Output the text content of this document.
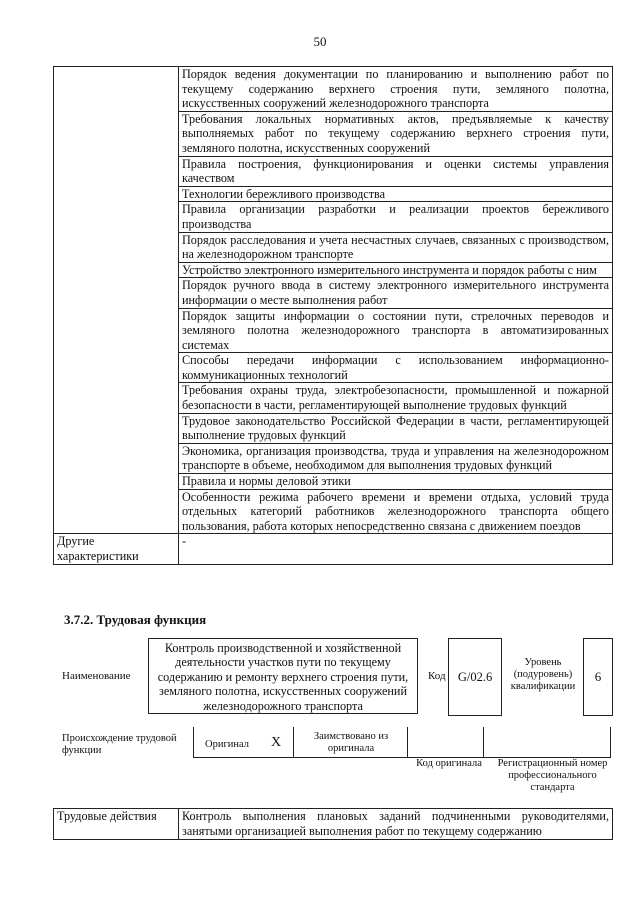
50
	Порядок ведения документации по планированию и выполнению работ по текущему содержанию верхнего строения пути, земляного полотна, искусственных сооружений железнодорожного транспорта
	Требования локальных нормативных актов, предъявляемые к качеству выполняемых работ по текущему содержанию верхнего строения пути, земляного полотна, искусственных сооружений
	Правила построения, функционирования и оценки системы управления качеством
	Технологии бережливого производства
	Правила организации разработки и реализации проектов бережливого производства
	Порядок расследования и учета несчастных случаев, связанных с производством, на железнодорожном транспорте
	Устройство электронного измерительного инструмента и порядок работы с ним
	Порядок ручного ввода в систему электронного измерительного инструмента информации о месте выполнения работ
	Порядок защиты информации о состоянии пути, стрелочных переводов и земляного полотна железнодорожного транспорта в автоматизированных системах
	Способы передачи информации с использованием информационно-коммуникационных технологий
	Требования охраны труда, электробезопасности, промышленной и пожарной безопасности в части, регламентирующей выполнение трудовых функций
	Трудовое законодательство Российской Федерации в части, регламентирующей выполнение трудовых функций
	Экономика, организация производства, труда и управления на железнодорожном транспорте в объеме, необходимом для выполнения трудовых функций
	Правила и нормы деловой этики
	Особенности режима рабочего времени и времени отдыха, условий труда отдельных категорий работников железнодорожного транспорта общего пользования, работа которых непосредственно связана с движением поездов
Другие характеристики	-
3.7.2. Трудовая функция
Наименование
Контроль производственной и хозяйственной деятельности участков пути по текущему содержанию и ремонту верхнего строения пути, земляного полотна, искусственных сооружений железнодорожного транспорта
Код G/02.6
Уровень (подуровень) квалификации
6
Происхождение трудовой функции
Оригинал X	Заимствовано из оригинала
Код оригинала	Регистрационный номер профессионального стандарта
Трудовые действия	Контроль выполнения плановых заданий подчиненными руководителями, занятыми организацией выполнения работ по текущему содержанию
